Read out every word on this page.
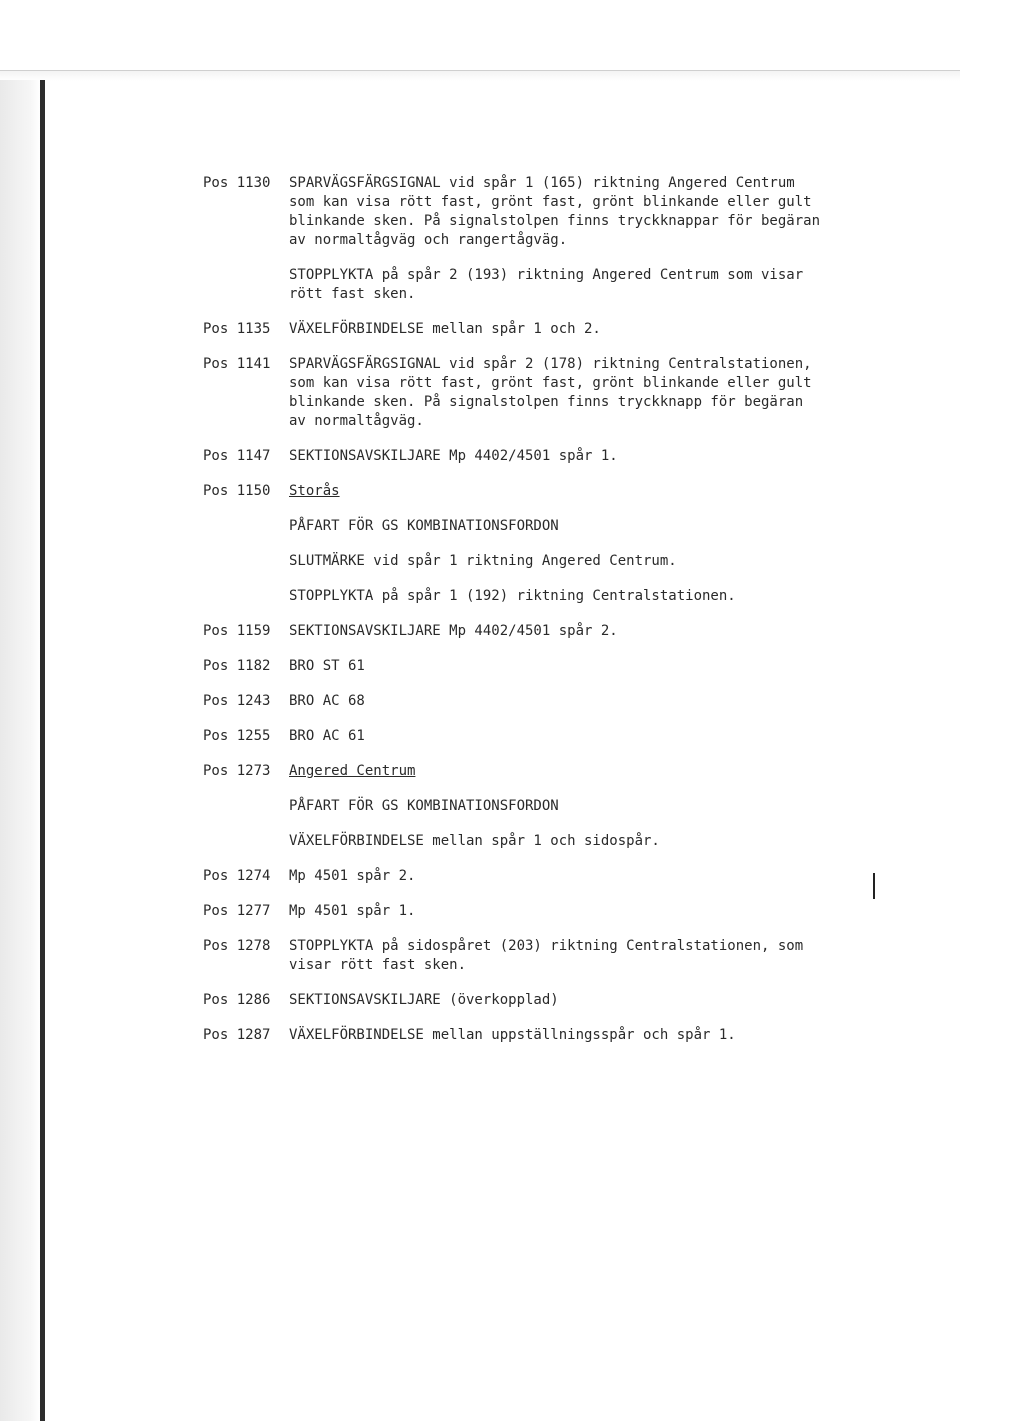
Pos 1130	SPARVÄGSFÄRGSIGNAL vid spår 1 (165) riktning Angered Centrum
som kan visa rött fast, grönt fast, grönt blinkande eller gult
blinkande sken. På signalstolpen finns tryckknappar för begäran
av normaltågväg och rangertågväg.

STOPPLYKTA på spår 2 (193) riktning Angered Centrum som visar
rött fast sken.

Pos 1135	VÄXELFÖRBINDELSE mellan spår 1 och 2.

Pos 1141	SPARVÄGSFÄRGSIGNAL vid spår 2 (178) riktning Centralstationen,
som kan visa rött fast, grönt fast, grönt blinkande eller gult
blinkande sken. På signalstolpen finns tryckknapp för begäran
av normaltågväg.

Pos 1147	SEKTIONSAVSKILJARE Mp 4402/4501 spår 1.

Pos 1150	Storås

PÅFART FÖR GS KOMBINATIONSFORDON

SLUTMÄRKE vid spår 1 riktning Angered Centrum.

STOPPLYKTA på spår 1 (192) riktning Centralstationen.

Pos 1159	SEKTIONSAVSKILJARE Mp 4402/4501 spår 2.

Pos 1182	BRO ST 61

Pos 1243	BRO AC 68

Pos 1255	BRO AC 61

Pos 1273	Angered Centrum

PÅFART FÖR GS KOMBINATIONSFORDON

VÄXELFÖRBINDELSE mellan spår 1 och sidospår.

Pos 1274	Mp 4501 spår 2.

Pos 1277	Mp 4501 spår 1.

Pos 1278	STOPPLYKTA på sidospåret (203) riktning Centralstationen, som
visar rött fast sken.

Pos 1286	SEKTIONSAVSKILJARE (överkopplad)

Pos 1287	VÄXELFÖRBINDELSE mellan uppställningsspår och spår 1.
